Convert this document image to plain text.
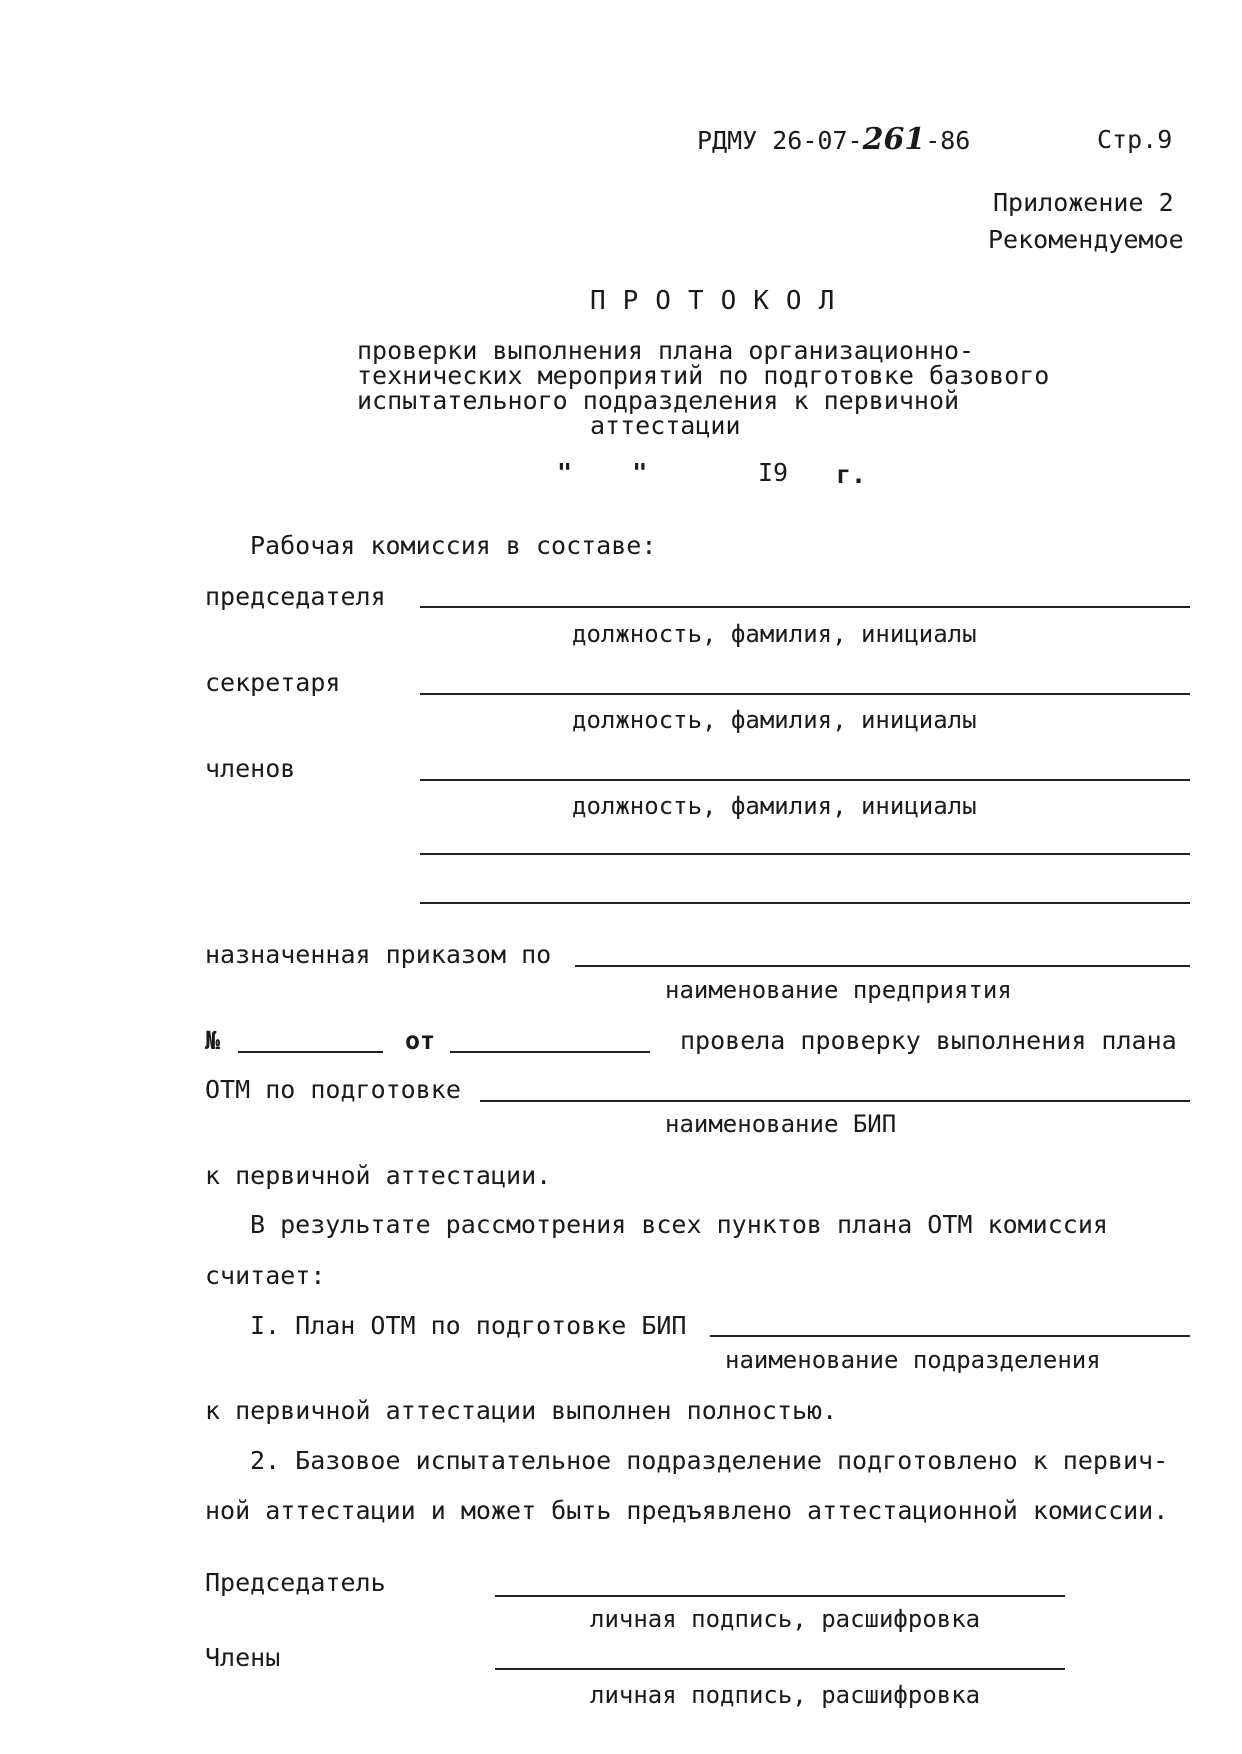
РДМУ 26-07-261-86	Стр.9
Приложение 2
Рекомендуемое
ПРОТОКОЛ
проверки выполнения плана организационно-
технических мероприятий по подготовке базового
испытательного подразделения к первичной
аттестации
"    "	I9 г.
Рабочая комиссия в составе:
председателя
должность, фамилия, инициалы
секретаря
должность, фамилия, инициалы
членов
должность, фамилия, инициалы
назначенная приказом по
наименование предприятия
№	от	провела проверку выполнения плана
ОТМ по подготовке
наименование БИП
к первичной аттестации.
В результате рассмотрения всех пунктов плана ОТМ комиссия
считает:
I. План ОТМ по подготовке БИП
наименование подразделения
к первичной аттестации выполнен полностью.
2. Базовое испытательное подразделение подготовлено к первич-
ной аттестации и может быть предъявлено аттестационной комиссии.
Председатель
личная подпись, расшифровка
Члены
личная подпись, расшифровка
